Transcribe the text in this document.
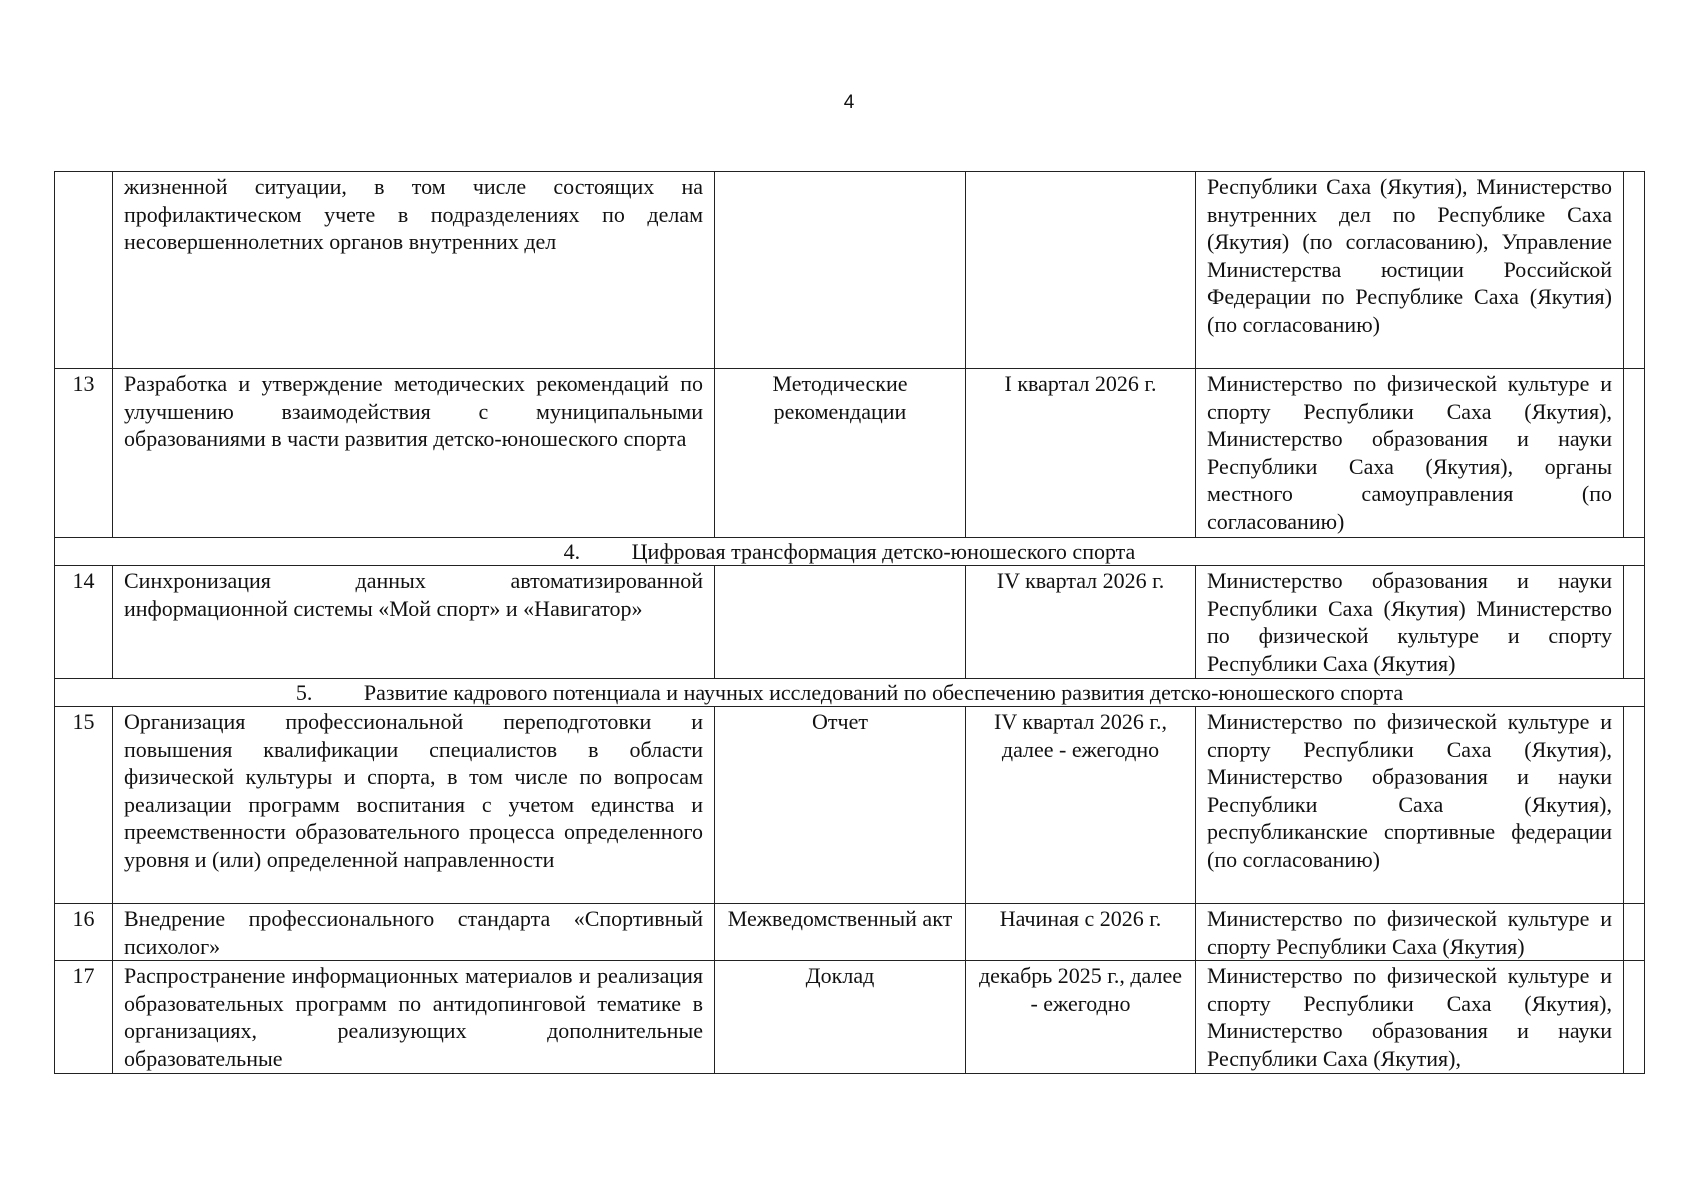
4
	жизненной ситуации, в том числе состоящих на профилактическом учете в подразделениях по делам несовершеннолетних органов внутренних дел			Республики Саха (Якутия), Министерство внутренних дел по Республике Саха (Якутия) (по согласованию), Управление Министерства юстиции Российской Федерации по Республике Саха (Якутия) (по согласованию)	
13	Разработка и утверждение методических рекомендаций по улучшению взаимодействия с муниципальными образованиями в части развития детско-юношеского спорта	Методические рекомендации	I квартал 2026 г.	Министерство по физической культуре и спорту Республики Саха (Якутия), Министерство образования и науки Республики Саха (Якутия), органы местного самоуправления (по согласованию)	
4. Цифровая трансформация детско-юношеского спорта					
14	Синхронизация данных автоматизированной информационной системы «Мой спорт» и «Навигатор»		IV квартал 2026 г.	Министерство образования и науки Республики Саха (Якутия) Министерство по физической культуре и спорту Республики Саха (Якутия)	
5. Развитие кадрового потенциала и научных исследований по обеспечению развития детско-юношеского спорта					
15	Организация профессиональной переподготовки и повышения квалификации специалистов в области физической культуры и спорта, в том числе по вопросам реализации программ воспитания с учетом единства и преемственности образовательного процесса определенного уровня и (или) определенной направленности	Отчет	IV квартал 2026 г., далее - ежегодно	Министерство по физической культуре и спорту Республики Саха (Якутия), Министерство образования и науки Республики Саха (Якутия), республиканские спортивные федерации (по согласованию)	
16	Внедрение профессионального стандарта «Спортивный психолог»	Межведомственный акт	Начиная с 2026 г.	Министерство по физической культуре и спорту Республики Саха (Якутия)	
17	Распространение информационных материалов и реализация образовательных программ по антидопинговой тематике в организациях, реализующих дополнительные образовательные	Доклад	декабрь 2025 г., далее - ежегодно	Министерство по физической культуре и спорту Республики Саха (Якутия), Министерство образования и науки Республики Саха (Якутия),	
